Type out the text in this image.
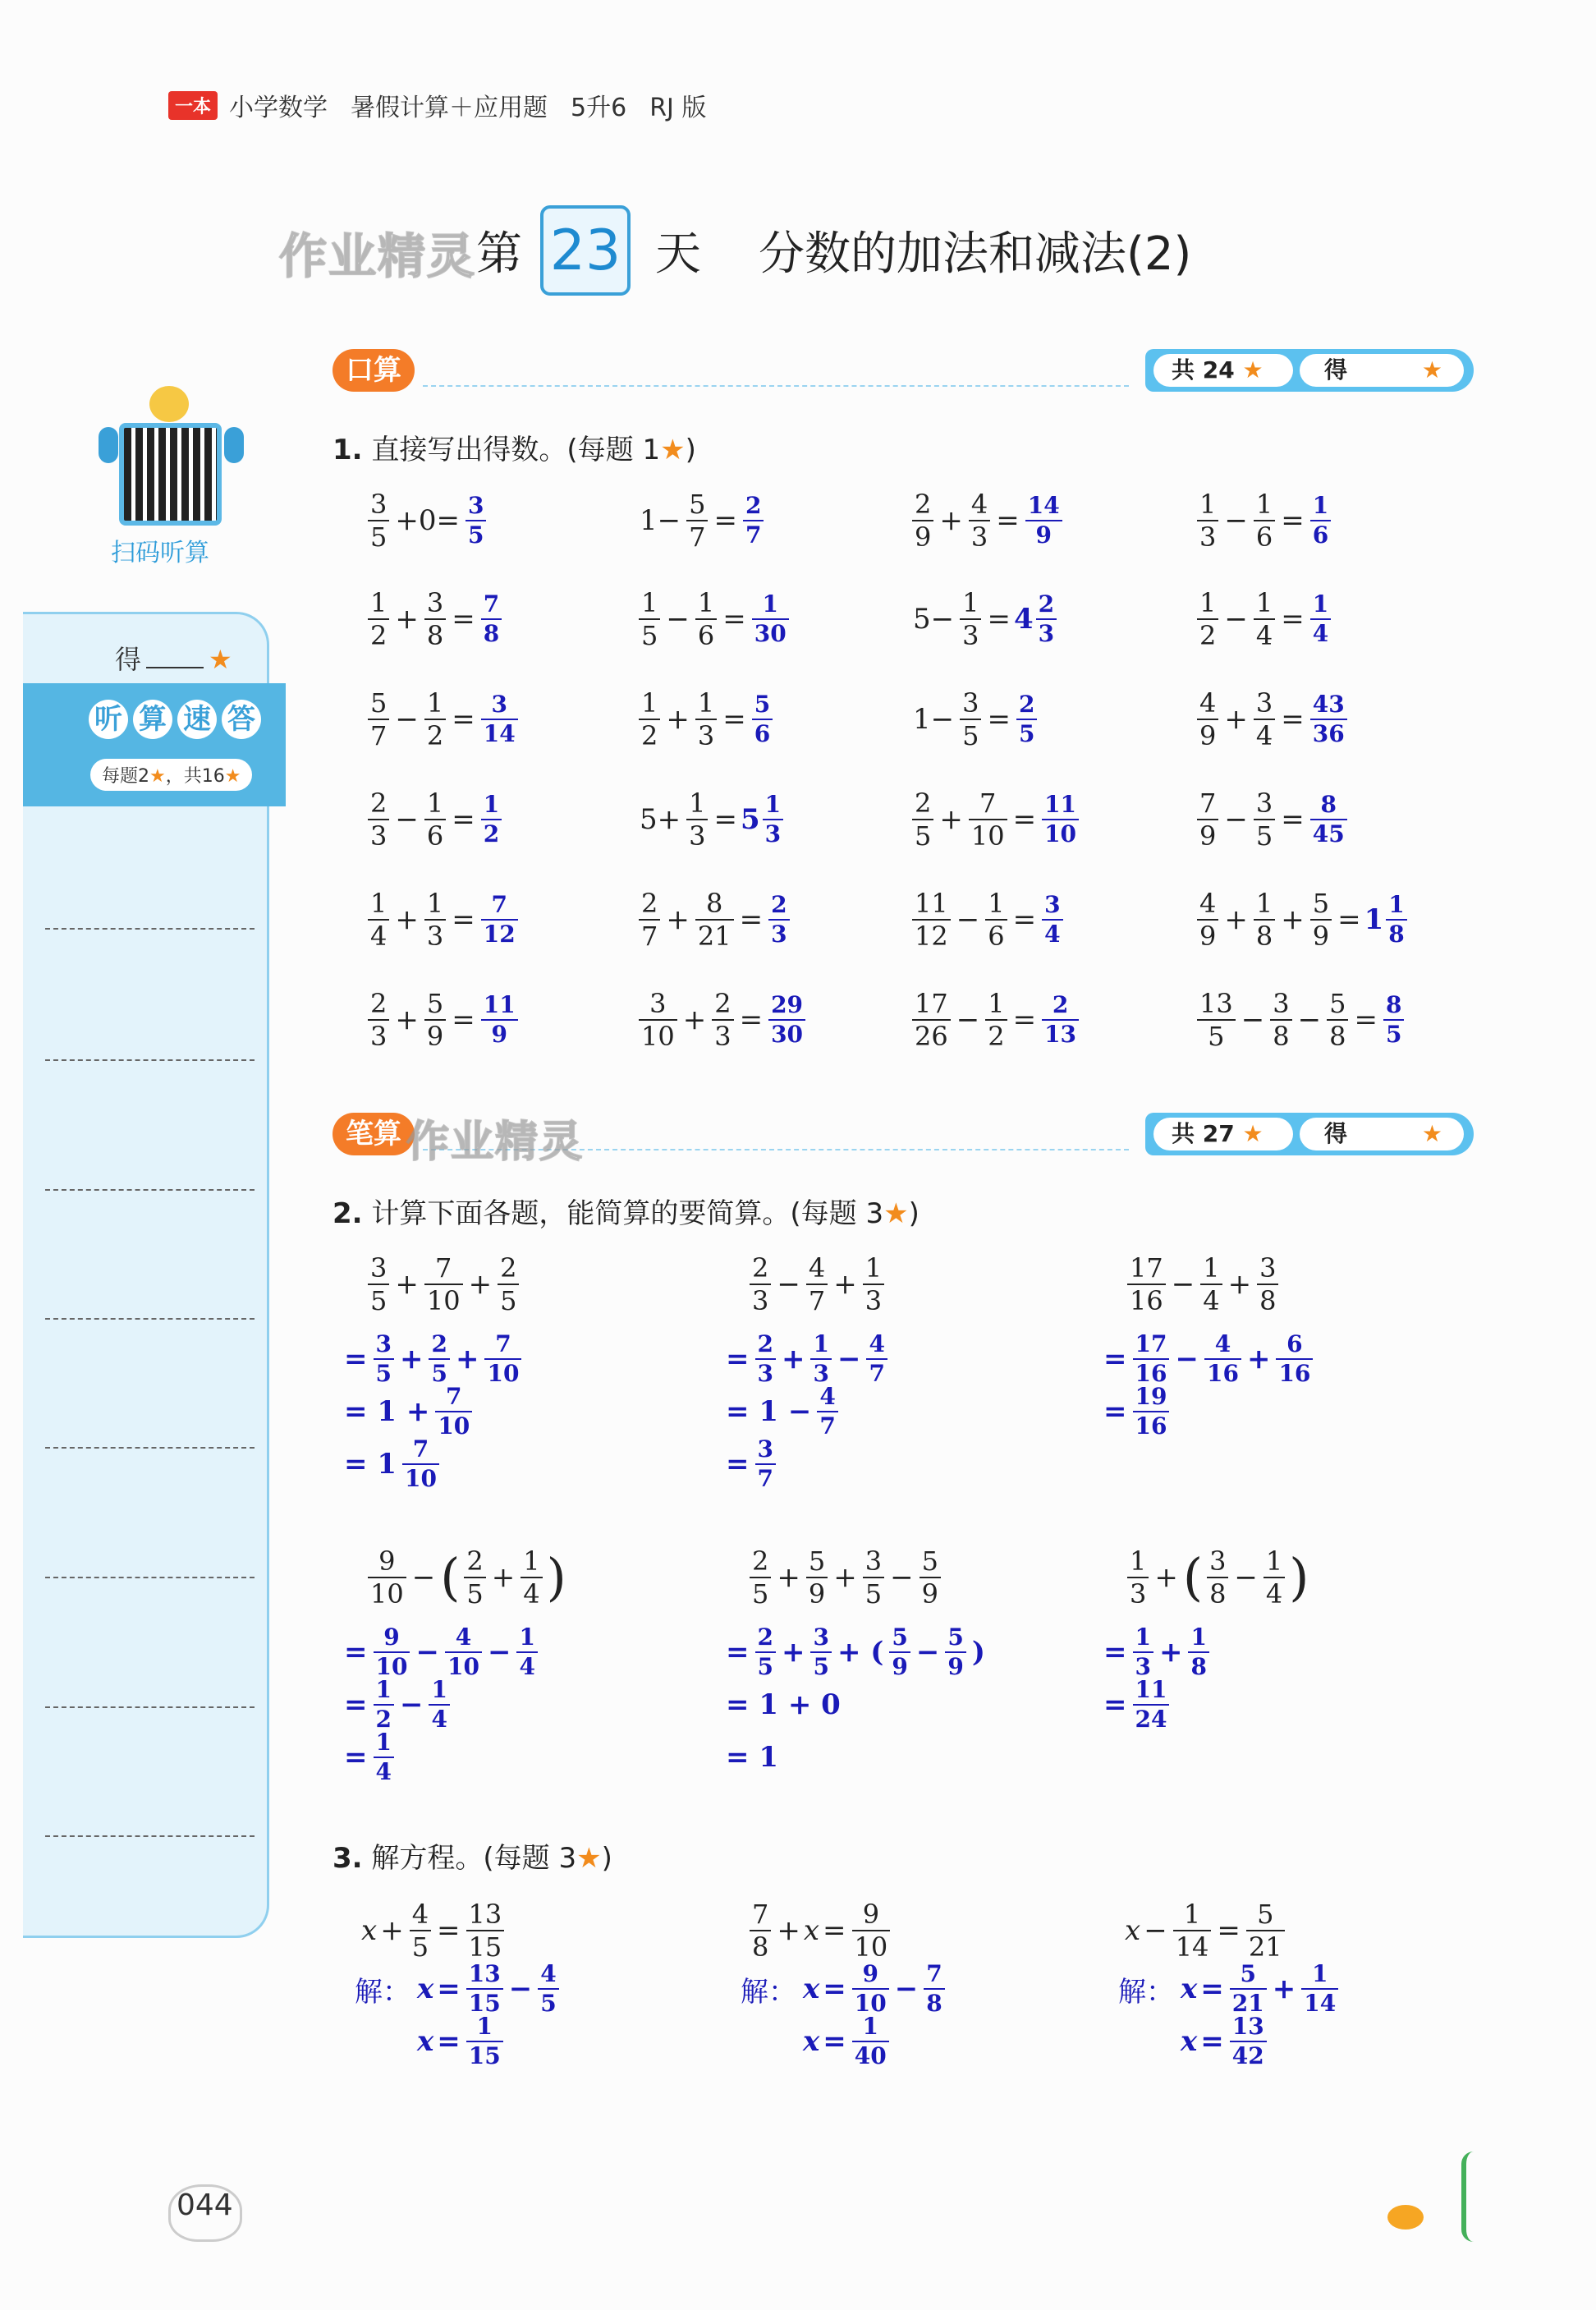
一本 小学数学 暑假计算＋应用题 5升6 RJ 版
作业精灵 第 23 天 分数的加法和减法(2)
扫码听算
得	★
听 算 速 答
每题2★，共16★
口算	共 24 ★	得	★
1. 直接写出得数。(每题 1★)
$\frac{3}{5} +0= \frac{3}{5}$	$1- \frac{5}{7} = \frac{2}{7}$	$\frac{2}{9} + \frac{4}{3} = \frac{14}{9}$	$\frac{1}{3} - \frac{1}{6} = \frac{1}{6}$
$\frac{1}{2} + \frac{3}{8} = \frac{7}{8}$	$\frac{1}{5} - \frac{1}{6} = \frac{1}{30}$	$5- \frac{1}{3} = 4 \frac{2}{3}$	$\frac{1}{2} - \frac{1}{4} = \frac{1}{4}$
$\frac{5}{7} - \frac{1}{2} = \frac{3}{14}$	$\frac{1}{2} + \frac{1}{3} = \frac{5}{6}$	$1- \frac{3}{5} = \frac{2}{5}$	$\frac{4}{9} + \frac{3}{4} = \frac{43}{36}$
$\frac{2}{3} - \frac{1}{6} = \frac{1}{2}$	$5+ \frac{1}{3} = 5 \frac{1}{3}$	$\frac{2}{5} + \frac{7}{10} = \frac{11}{10}$	$\frac{7}{9} - \frac{3}{5} = \frac{8}{45}$
$\frac{1}{4} + \frac{1}{3} = \frac{7}{12}$	$\frac{2}{7} + \frac{8}{21} = \frac{2}{3}$	$\frac{11}{12} - \frac{1}{6} = \frac{3}{4}$	$\frac{4}{9} + \frac{1}{8} + \frac{5}{9} = 1 \frac{1}{8}$
$\frac{2}{3} + \frac{5}{9} = \frac{11}{9}$	$\frac{3}{10} + \frac{2}{3} = \frac{29}{30}$	$\frac{17}{26} - \frac{1}{2} = \frac{2}{13}$	$\frac{13}{5} - \frac{3}{8} - \frac{5}{8} = \frac{8}{5}$
笔算	共 27 ★	得	★
作业精灵
2. 计算下面各题，能简算的要简算。(每题 3★)
$\frac{3}{5} + \frac{7}{10} + \frac{2}{5}$
= $\frac{3}{5} + \frac{2}{5} + \frac{7}{10}$
= $1 + \frac{7}{10}$
= $1 \frac{7}{10}$
$\frac{2}{3} - \frac{4}{7} + \frac{1}{3}$
= $\frac{2}{3} + \frac{1}{3} - \frac{4}{7}$
= $1 - \frac{4}{7}$
= $\frac{3}{7}$
$\frac{17}{16} - \frac{1}{4} + \frac{3}{8}$
= $\frac{17}{16} - \frac{4}{16} + \frac{6}{16}$
= $\frac{19}{16}$
$\frac{9}{10}$ − ( $\frac{2}{5} + \frac{1}{4}$ )
= $\frac{9}{10} - \frac{4}{10} - \frac{1}{4}$
= $\frac{1}{2} - \frac{1}{4}$
= $\frac{1}{4}$
$\frac{2}{5} + \frac{5}{9} + \frac{3}{5} - \frac{5}{9}$
= $\frac{2}{5} + \frac{3}{5}$ + ( $\frac{5}{9} - \frac{5}{9}$ )
= 1 + 0
= 1
$\frac{1}{3}$ + ( $\frac{3}{8} - \frac{1}{4}$ )
= $\frac{1}{3} + \frac{1}{8}$
= $\frac{11}{24}$
3. 解方程。(每题 3★)
$x + \frac{4}{5} = \frac{13}{15}$
解： $x = \frac{13}{15} - \frac{4}{5}$
$x = \frac{1}{15}$
$\frac{7}{8} + x = \frac{9}{10}$
解： $x = \frac{9}{10} - \frac{7}{8}$
$x = \frac{1}{40}$
$x - \frac{1}{14} = \frac{5}{21}$
解： $x = \frac{5}{21} + \frac{1}{14}$
$x = \frac{13}{42}$
044
